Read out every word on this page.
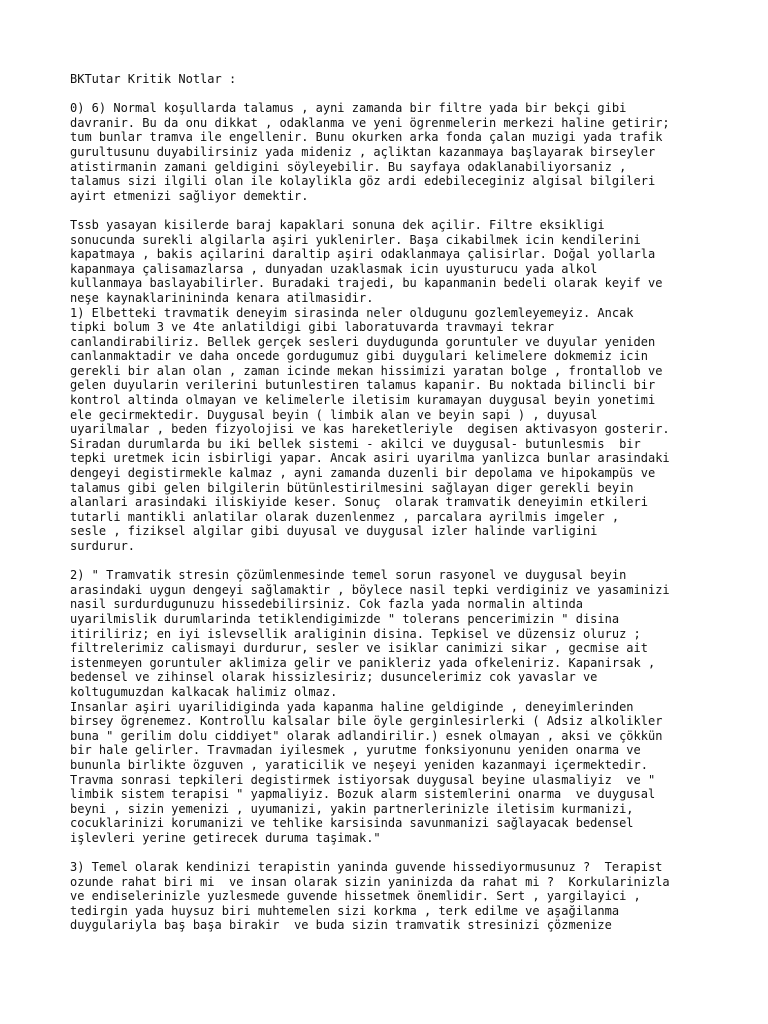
BKTutar Kritik Notlar :

0) 6) Normal koşullarda talamus , ayni zamanda bir filtre yada bir bekçi gibi
davranir. Bu da onu dikkat , odaklanma ve yeni ögrenmelerin merkezi haline getirir;
tum bunlar tramva ile engellenir. Bunu okurken arka fonda çalan muzigi yada trafik
gurultusunu duyabilirsiniz yada mideniz , açliktan kazanmaya başlayarak birseyler
atistirmanin zamani geldigini söyleyebilir. Bu sayfaya odaklanabiliyorsaniz ,
talamus sizi ilgili olan ile kolaylikla göz ardi edebileceginiz algisal bilgileri
ayirt etmenizi sağliyor demektir.
Tssb yasayan kisilerde baraj kapaklari sonuna dek açilir. Filtre eksikligi
sonucunda surekli algilarla aşiri yuklenirler. Başa cikabilmek icin kendilerini
kapatmaya , bakis açilarini daraltip aşiri odaklanmaya çalisirlar. Doğal yollarla
kapanmaya çalisamazlarsa , dunyadan uzaklasmak icin uyusturucu yada alkol
kullanmaya baslayabilirler. Buradaki trajedi, bu kapanmanin bedeli olarak keyif ve
neşe kaynaklarinininda kenara atilmasidir.
1) Elbetteki travmatik deneyim sirasinda neler oldugunu gozlemleyemeyiz. Ancak
tipki bolum 3 ve 4te anlatildigi gibi laboratuvarda travmayi tekrar
canlandirabiliriz. Bellek gerçek sesleri duydugunda goruntuler ve duyular yeniden
canlanmaktadir ve daha oncede gordugumuz gibi duygulari kelimelere dokmemiz icin
gerekli bir alan olan , zaman icinde mekan hissimizi yaratan bolge , frontallob ve
gelen duyularin verilerini butunlestiren talamus kapanir. Bu noktada bilincli bir
kontrol altinda olmayan ve kelimelerle iletisim kuramayan duygusal beyin yonetimi
ele gecirmektedir. Duygusal beyin ( limbik alan ve beyin sapi ) , duyusal
uyarilmalar , beden fizyolojisi ve kas hareketleriyle  degisen aktivasyon gosterir.
Siradan durumlarda bu iki bellek sistemi - akilci ve duygusal- butunlesmis  bir
tepki uretmek icin isbirligi yapar. Ancak asiri uyarilma yanlizca bunlar arasindaki
dengeyi degistirmekle kalmaz , ayni zamanda duzenli bir depolama ve hipokampüs ve
talamus gibi gelen bilgilerin bütünlestirilmesini sağlayan diger gerekli beyin
alanlari arasindaki iliskiyide keser. Sonuç  olarak tramvatik deneyimin etkileri
tutarli mantikli anlatilar olarak duzenlenmez , parcalara ayrilmis imgeler ,
sesle , fiziksel algilar gibi duyusal ve duygusal izler halinde varligini
surdurur.
2) " Tramvatik stresin çözümlenmesinde temel sorun rasyonel ve duygusal beyin
arasindaki uygun dengeyi sağlamaktir , böylece nasil tepki verdiginiz ve yasaminizi
nasil surdurdugunuzu hissedebilirsiniz. Cok fazla yada normalin altinda
uyarilmislik durumlarinda tetiklendigimizde " tolerans pencerimizin " disina
itiriliriz; en iyi islevsellik araliginin disina. Tepkisel ve düzensiz oluruz ;
filtrelerimiz calismayi durdurur, sesler ve isiklar canimizi sikar , gecmise ait
istenmeyen goruntuler aklimiza gelir ve panikleriz yada ofkeleniriz. Kapanirsak ,
bedensel ve zihinsel olarak hissizlesiriz; dusuncelerimiz cok yavaslar ve
koltugumuzdan kalkacak halimiz olmaz.
Insanlar aşiri uyarilidiginda yada kapanma haline geldiginde , deneyimlerinden
birsey ögrenemez. Kontrollu kalsalar bile öyle gerginlesirlerki ( Adsiz alkolikler
buna " gerilim dolu ciddiyet" olarak adlandirilir.) esnek olmayan , aksi ve çökkün
bir hale gelirler. Travmadan iyilesmek , yurutme fonksiyonunu yeniden onarma ve
bununla birlikte özguven , yaraticilik ve neşeyi yeniden kazanmayi içermektedir.
Travma sonrasi tepkileri degistirmek istiyorsak duygusal beyine ulasmaliyiz  ve "
limbik sistem terapisi " yapmaliyiz. Bozuk alarm sistemlerini onarma  ve duygusal
beyni , sizin yemenizi , uyumanizi, yakin partnerlerinizle iletisim kurmanizi,
cocuklarinizi korumanizi ve tehlike karsisinda savunmanizi sağlayacak bedensel
işlevleri yerine getirecek duruma taşimak."
3) Temel olarak kendinizi terapistin yaninda guvende hissediyormusunuz ?  Terapist
ozunde rahat biri mi  ve insan olarak sizin yaninizda da rahat mi ?  Korkularinizla
ve endiselerinizle yuzlesmede guvende hissetmek önemlidir. Sert , yargilayici ,
tedirgin yada huysuz biri muhtemelen sizi korkma , terk edilme ve aşağilanma
duygulariyla baş başa birakir  ve buda sizin tramvatik stresinizi çözmenize
